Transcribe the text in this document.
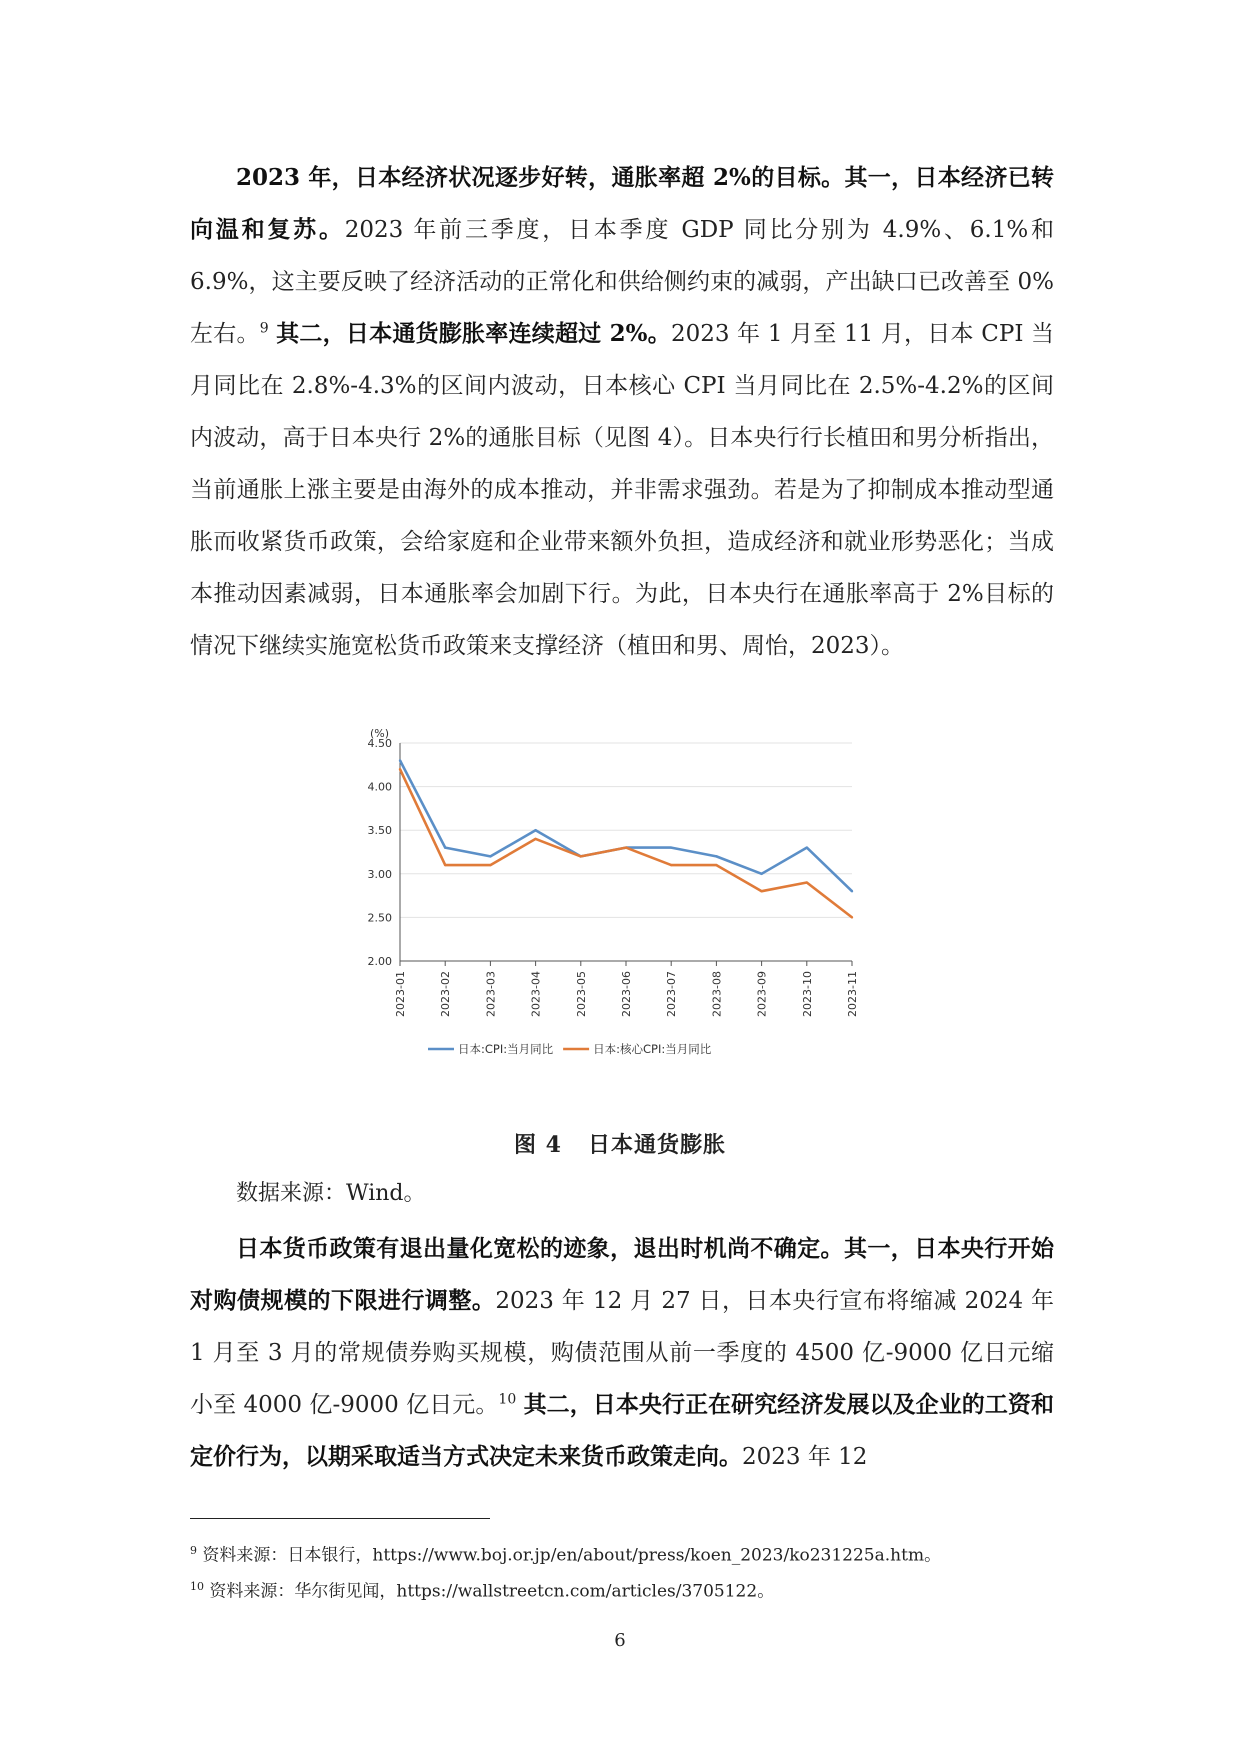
2023 年，日本经济状况逐步好转，通胀率超 2%的目标。其一，日本经济已转向温和复苏。2023 年前三季度，日本季度 GDP 同比分别为 4.9%、6.1%和 6.9%，这主要反映了经济活动的正常化和供给侧约束的减弱，产出缺口已改善至 0%左右。$^9$ 其二，日本通货膨胀率连续超过 2%。2023 年 1 月至 11 月，日本 CPI 当月同比在 2.8%-4.3%的区间内波动，日本核心 CPI 当月同比在 2.5%-4.2%的区间内波动，高于日本央行 2%的通胀目标（见图 4）。日本央行行长植田和男分析指出，当前通胀上涨主要是由海外的成本推动，并非需求强劲。若是为了抑制成本推动型通胀而收紧货币政策，会给家庭和企业带来额外负担，造成经济和就业形势恶化；当成本推动因素减弱，日本通胀率会加剧下行。为此，日本央行在通胀率高于 2%目标的情况下继续实施宽松货币政策来支撑经济（植田和男、周怡，2023）。

(%)
2.00
2.50
3.00
3.50
4.00
4.50
2023-01	2023-02	2023-03	2023-04	2023-05	2023-06	2023-07	2023-08	2023-09	2023-10	2023-11
日本:CPI:当月同比	日本:核心CPI:当月同比

图 4 日本通货膨胀

数据来源：Wind。

日本货币政策有退出量化宽松的迹象，退出时机尚不确定。其一，日本央行开始对购债规模的下限进行调整。2023 年 12 月 27 日，日本央行宣布将缩减 2024 年 1 月至 3 月的常规债券购买规模，购债范围从前一季度的 4500 亿-9000 亿日元缩小至 4000 亿-9000 亿日元。$^{10}$ 其二，日本央行正在研究经济发展以及企业的工资和定价行为，以期采取适当方式决定未来货币政策走向。2023 年 12

$^9$ 资料来源：日本银行，https://www.boj.or.jp/en/about/press/koen_2023/ko231225a.htm。

$^{10}$ 资料来源：华尔街见闻，https://wallstreetcn.com/articles/3705122。

6
